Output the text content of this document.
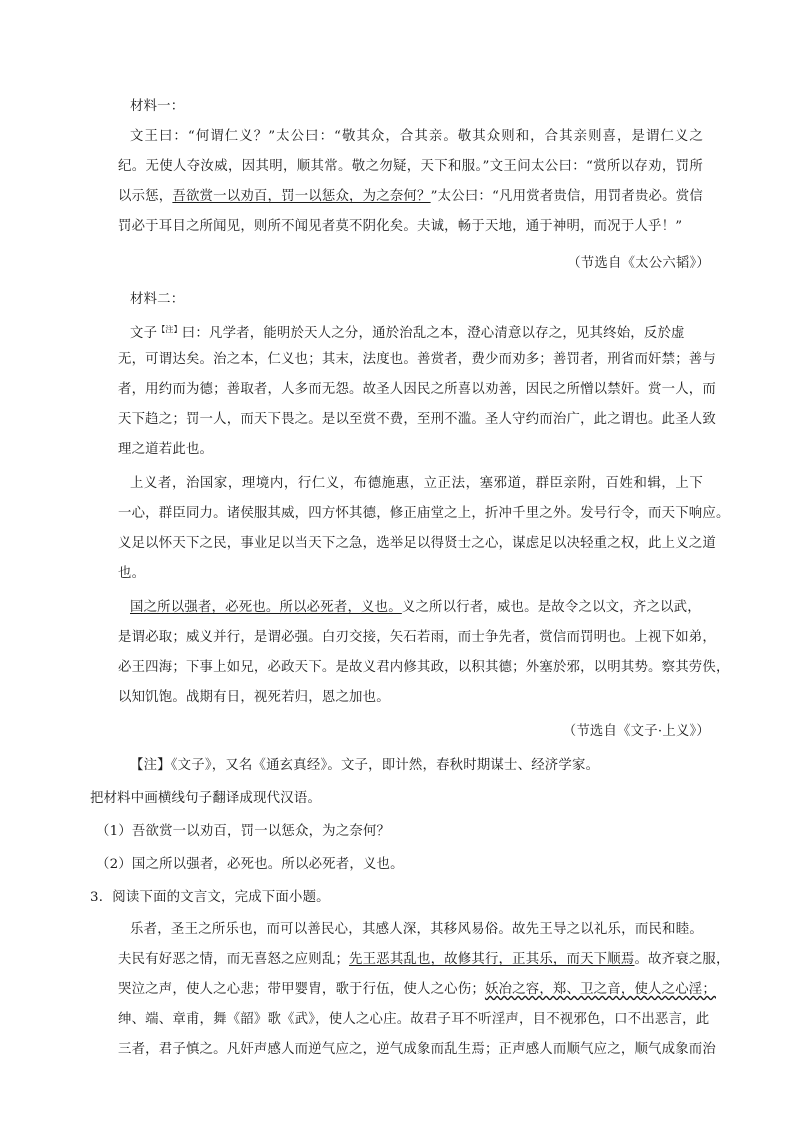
材料一：
文王曰：“何谓仁义？”太公曰：“敬其众，合其亲。敬其众则和，合其亲则喜，是谓仁义之
纪。无使人夺汝威，因其明，顺其常。敬之勿疑，天下和服。”文王问太公曰：“赏所以存劝，罚所
以示惩，吾欲赏一以劝百，罚一以惩众，为之奈何？”太公曰：“凡用赏者贵信，用罚者贵必。赏信
罚必于耳目之所闻见，则所不闻见者莫不阴化矣。夫诚，畅于天地，通于神明，而况于人乎！”
（节选自《太公六韬》）
材料二：
文子$^{【注】}$曰：凡学者，能明於天人之分，通於治乱之本，澄心清意以存之，见其终始，反於虚
无，可谓达矣。治之本，仁义也；其末，法度也。善赏者，费少而劝多；善罚者，刑省而奸禁；善与
者，用约而为德；善取者，人多而无怨。故圣人因民之所喜以劝善，因民之所憎以禁奸。赏一人，而
天下趋之；罚一人，而天下畏之。是以至赏不费，至刑不滥。圣人守约而治广，此之谓也。此圣人致
理之道若此也。
上义者，治国家，理境内，行仁义，布德施惠，立正法，塞邪道，群臣亲附，百姓和辑，上下
一心，群臣同力。诸侯服其威，四方怀其德，修正庙堂之上，折冲千里之外。发号行令，而天下响应。
义足以怀天下之民，事业足以当天下之急，选举足以得贤士之心，谋虑足以决轻重之权，此上义之道
也。
国之所以强者，必死也。所以必死者，义也。义之所以行者，威也。是故令之以文，齐之以武，
是谓必取；威义并行，是谓必强。白刃交接，矢石若雨，而士争先者，赏信而罚明也。上视下如弟，
必王四海；下事上如兄，必政天下。是故义君内修其政，以积其德；外塞於邪，以明其势。察其劳佚，
以知饥饱。战期有日，视死若归，恩之加也。
（节选自《文子·上义》）
【注】《文子》，又名《通玄真经》。文子，即计然，春秋时期谋士、经济学家。
把材料中画横线句子翻译成现代汉语。
（1）吾欲赏一以劝百，罚一以惩众，为之奈何？
（2）国之所以强者，必死也。所以必死者，义也。
3．阅读下面的文言文，完成下面小题。
乐者，圣王之所乐也，而可以善民心，其感人深，其移风易俗。故先王导之以礼乐，而民和睦。
夫民有好恶之情，而无喜怒之应则乱；先王恶其乱也，故修其行，正其乐，而天下顺焉。故齐衰之服，
哭泣之声，使人之心悲；带甲婴胄，歌于行伍，使人之心伤；妖冶之容，郑、卫之音，使人之心淫；
绅、端、章甫，舞《韶》歌《武》，使人之心庄。故君子耳不听淫声，目不视邪色，口不出恶言，此
三者，君子慎之。凡奸声感人而逆气应之，逆气成象而乱生焉；正声感人而顺气应之，顺气成象而治
